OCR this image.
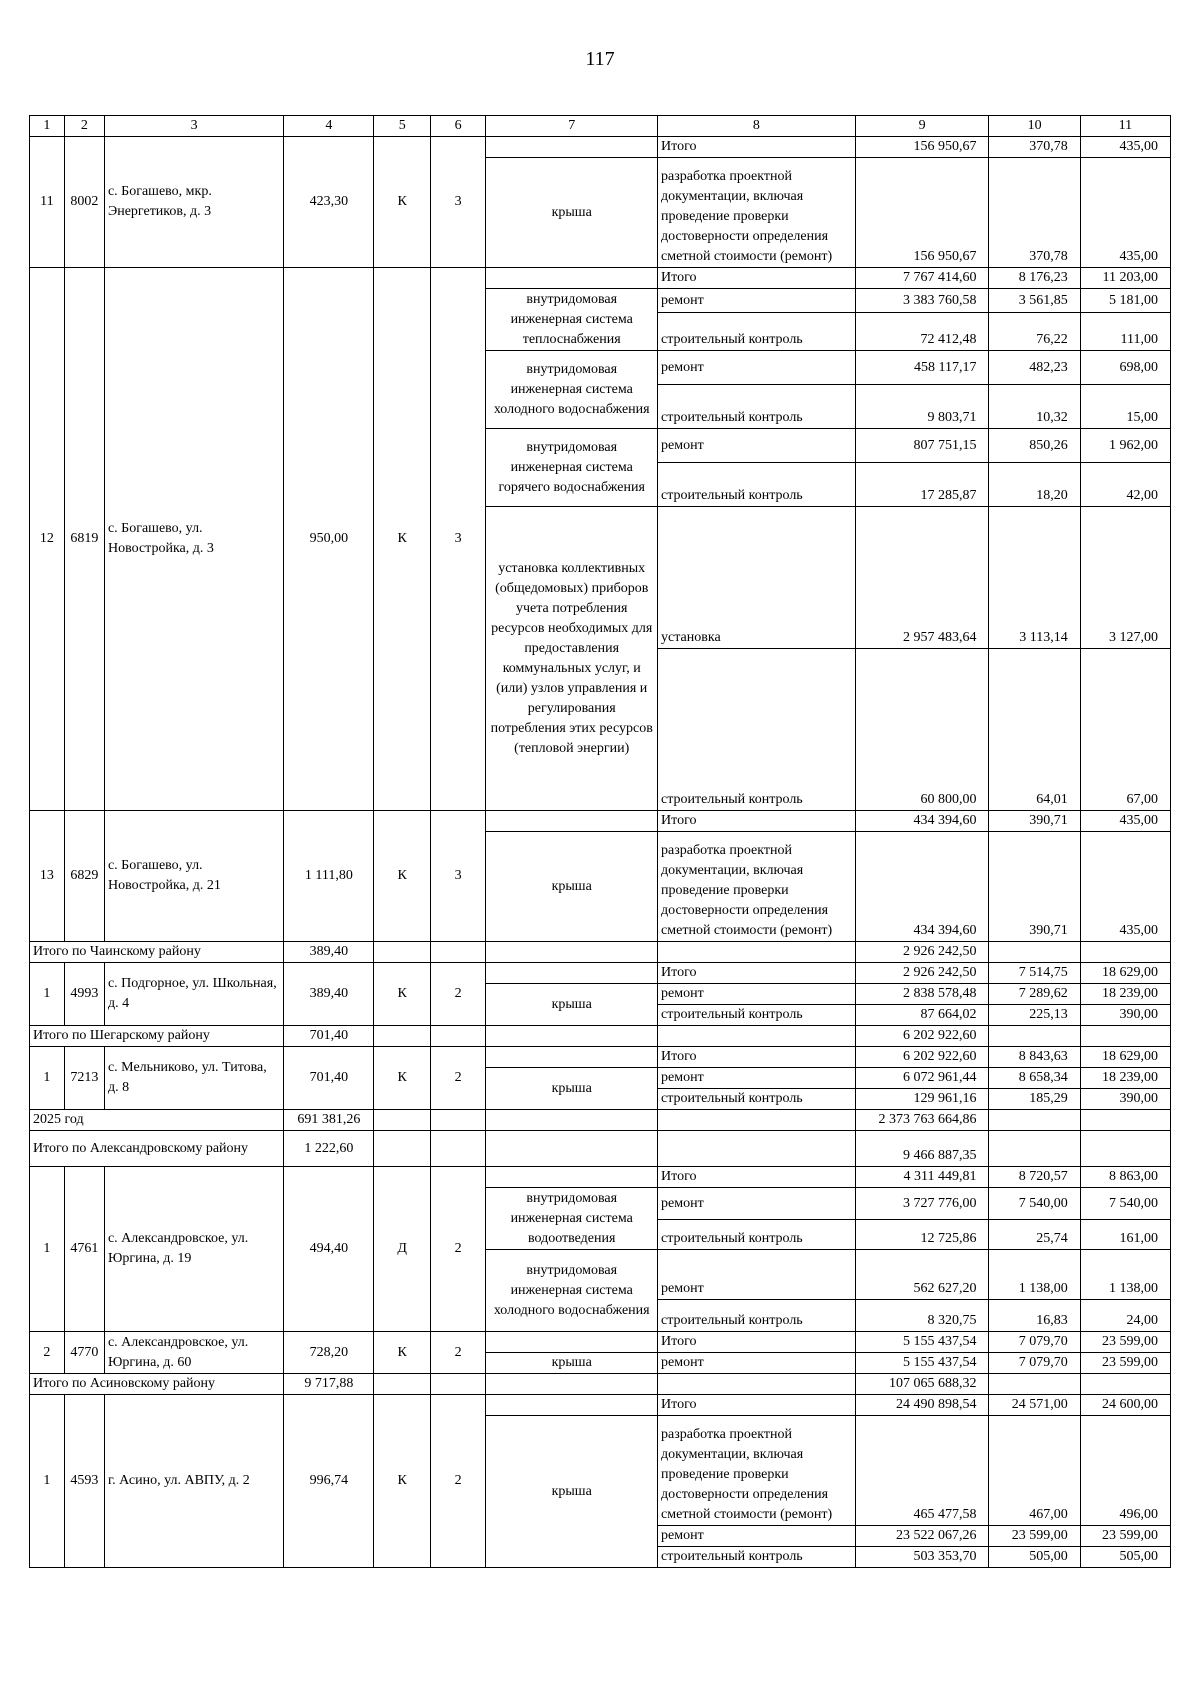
117
1	2	3	4	5	6	7	8	9	10	11
11	8002	с. Богашево, мкр. Энергетиков, д. 3	423,30	К	3		Итого	156 950,67	370,78	435,00
						крыша	разработка проектной документации, включая проведение проверки достоверности определения сметной стоимости (ремонт)	156 950,67	370,78	435,00
12	6819	с. Богашево, ул. Новостройка, д. 3	950,00	К	3		Итого	7 767 414,60	8 176,23	11 203,00
						внутридомовая инженерная система теплоснабжения	ремонт	3 383 760,58	3 561,85	5 181,00
							строительный контроль	72 412,48	76,22	111,00
						внутридомовая инженерная система холодного водоснабжения	ремонт	458 117,17	482,23	698,00
							строительный контроль	9 803,71	10,32	15,00
						внутридомовая инженерная система горячего водоснабжения	ремонт	807 751,15	850,26	1 962,00
							строительный контроль	17 285,87	18,20	42,00
						установка коллективных (общедомовых) приборов учета потребления ресурсов необходимых для предоставления коммунальных услуг, и (или) узлов управления и регулирования потребления этих ресурсов (тепловой энергии)	установка	2 957 483,64	3 113,14	3 127,00
							строительный контроль	60 800,00	64,01	67,00
13	6829	с. Богашево, ул. Новостройка, д. 21	1 111,80	К	3		Итого	434 394,60	390,71	435,00
						крыша	разработка проектной документации, включая проведение проверки достоверности определения сметной стоимости (ремонт)	434 394,60	390,71	435,00
Итого по Чаинскому району			389,40					2 926 242,50		
1	4993	с. Подгорное, ул. Школьная, д. 4	389,40	К	2		Итого	2 926 242,50	7 514,75	18 629,00
						крыша	ремонт	2 838 578,48	7 289,62	18 239,00
							строительный контроль	87 664,02	225,13	390,00
Итого по Шегарскому району			701,40					6 202 922,60		
1	7213	с. Мельниково, ул. Титова, д. 8	701,40	К	2		Итого	6 202 922,60	8 843,63	18 629,00
						крыша	ремонт	6 072 961,44	8 658,34	18 239,00
							строительный контроль	129 961,16	185,29	390,00
2025 год			691 381,26					2 373 763 664,86		
Итого по Александровскому району			1 222,60					9 466 887,35		
1	4761	с. Александровское, ул. Юргина, д. 19	494,40	Д	2		Итого	4 311 449,81	8 720,57	8 863,00
						внутридомовая инженерная система водоотведения	ремонт	3 727 776,00	7 540,00	7 540,00
							строительный контроль	12 725,86	25,74	161,00
						внутридомовая инженерная система холодного водоснабжения	ремонт	562 627,20	1 138,00	1 138,00
							строительный контроль	8 320,75	16,83	24,00
2	4770	с. Александровское, ул. Юргина, д. 60	728,20	К	2		Итого	5 155 437,54	7 079,70	23 599,00
						крыша	ремонт	5 155 437,54	7 079,70	23 599,00
Итого по Асиновскому району			9 717,88					107 065 688,32		
1	4593	г. Асино, ул. АВПУ, д. 2	996,74	К	2		Итого	24 490 898,54	24 571,00	24 600,00
						крыша	разработка проектной документации, включая проведение проверки достоверности определения сметной стоимости (ремонт)	465 477,58	467,00	496,00
							ремонт	23 522 067,26	23 599,00	23 599,00
							строительный контроль	503 353,70	505,00	505,00
